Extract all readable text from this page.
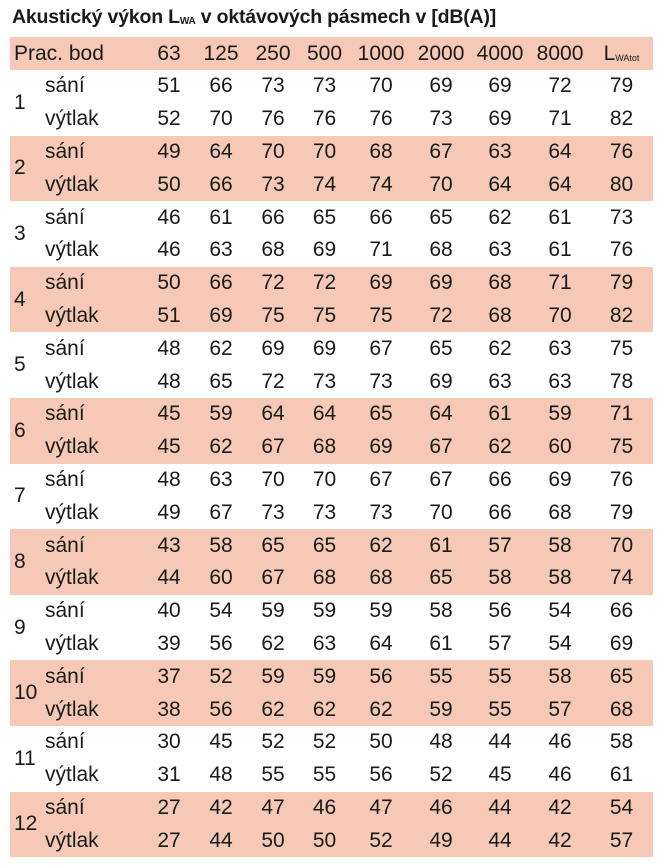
Akustický výkon $L_{WA}$ v oktávových pásmech v [dB(A)]
Prac. bod		63	125	250	500	1000	2000	4000	8000	$L_{WAtot}$
1	sání	51	66	73	73	70	69	69	72	79
	výtlak	52	70	76	76	76	73	69	71	82
2	sání	49	64	70	70	68	67	63	64	76
	výtlak	50	66	73	74	74	70	64	64	80
3	sání	46	61	66	65	66	65	62	61	73
	výtlak	46	63	68	69	71	68	63	61	76
4	sání	50	66	72	72	69	69	68	71	79
	výtlak	51	69	75	75	75	72	68	70	82
5	sání	48	62	69	69	67	65	62	63	75
	výtlak	48	65	72	73	73	69	63	63	78
6	sání	45	59	64	64	65	64	61	59	71
	výtlak	45	62	67	68	69	67	62	60	75
7	sání	48	63	70	70	67	67	66	69	76
	výtlak	49	67	73	73	73	70	66	68	79
8	sání	43	58	65	65	62	61	57	58	70
	výtlak	44	60	67	68	68	65	58	58	74
9	sání	40	54	59	59	59	58	56	54	66
	výtlak	39	56	62	63	64	61	57	54	69
10	sání	37	52	59	59	56	55	55	58	65
	výtlak	38	56	62	62	62	59	55	57	68
11	sání	30	45	52	52	50	48	44	46	58
	výtlak	31	48	55	55	56	52	45	46	61
12	sání	27	42	47	46	47	46	44	42	54
	výtlak	27	44	50	50	52	49	44	42	57
